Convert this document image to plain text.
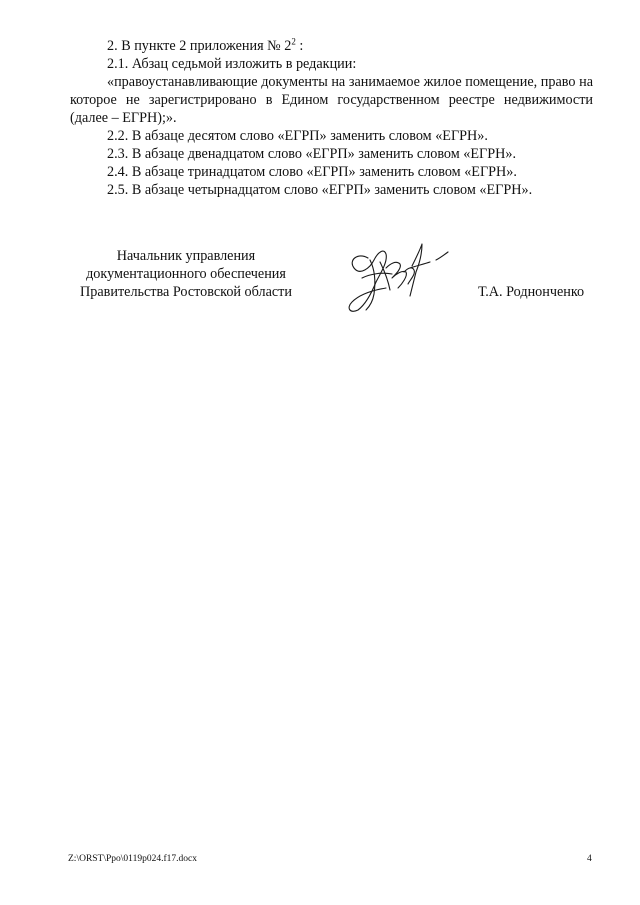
2. В пункте 2 приложения № $2^2$ :

2.1. Абзац седьмой изложить в редакции:

«правоустанавливающие документы на занимаемое жилое помещение, право на которое не зарегистрировано в Едином государственном реестре недвижимости (далее – ЕГРН);».

2.2. В абзаце десятом слово «ЕГРП» заменить словом «ЕГРН».

2.3. В абзаце двенадцатом слово «ЕГРП» заменить словом «ЕГРН».

2.4. В абзаце тринадцатом слово «ЕГРП» заменить словом «ЕГРН».

2.5. В абзаце четырнадцатом слово «ЕГРП» заменить словом «ЕГРН».

Начальник управления
документационного обеспечения
Правительства Ростовской области	Т.А. Роднонченко
Z:\ORST\Ppo\0119p024.f17.docx	4
